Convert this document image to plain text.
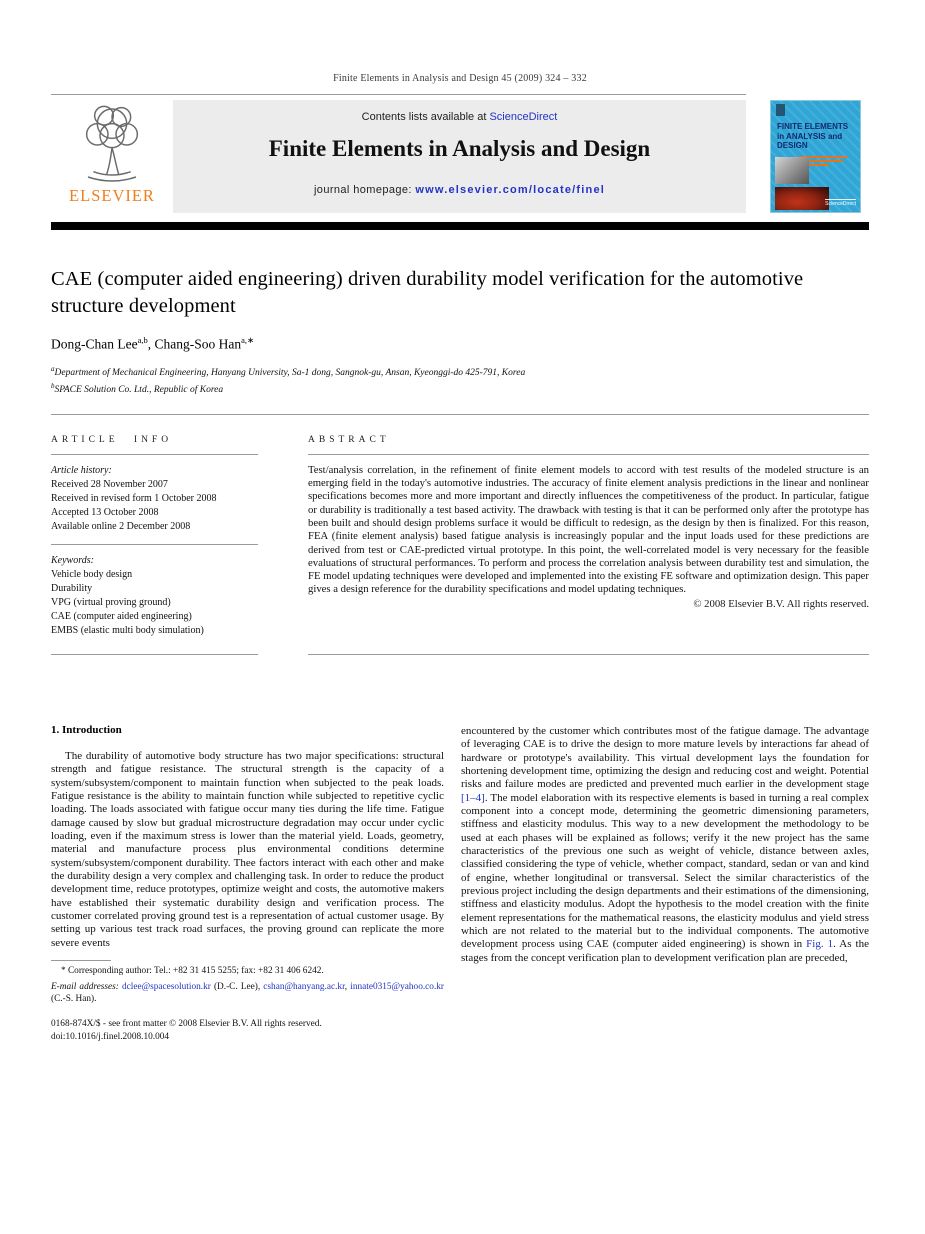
Finite Elements in Analysis and Design 45 (2009) 324 – 332
ELSEVIER
Contents lists available at ScienceDirect
Finite Elements in Analysis and Design
journal homepage: www.elsevier.com/locate/finel
FINITE ELEMENTS
in ANALYSIS and
DESIGN
ScienceDirect
CAE (computer aided engineering) driven durability model verification for the automotive structure development
Dong-Chan Lee$^{a,b}$, Chang-Soo Han$^{a,∗}$
$^a$Department of Mechanical Engineering, Hanyang University, Sa-1 dong, Sangnok-gu, Ansan, Kyeonggi-do 425-791, Korea
$^b$SPACE Solution Co. Ltd., Republic of Korea
ARTICLE INFO
Article history:
Received 28 November 2007
Received in revised form 1 October 2008
Accepted 13 October 2008
Available online 2 December 2008
Keywords:
Vehicle body design
Durability
VPG (virtual proving ground)
CAE (computer aided engineering)
EMBS (elastic multi body simulation)
ABSTRACT

Test/analysis correlation, in the refinement of finite element models to accord with test results of the modeled structure is an emerging field in the today's automotive industries. The accuracy of finite element analysis predictions in the linear and nonlinear specifications becomes more and more important and directly influences the competitiveness of the product. In particular, fatigue or durability is traditionally a test based activity. The drawback with testing is that it can be performed only after the prototype has been built and should design problems surface it would be difficult to redesign, as the design by then is finalized. For this reason, FEA (finite element analysis) based fatigue analysis is increasingly popular and the input loads used for these predictions are derived from test or CAE-predicted virtual prototype. In this point, the well-correlated model is very necessary for the feasible evaluations of structural performances. To perform and process the correlation analysis between durability test and simulation, the FE model updating techniques were developed and implemented into the existing FE software and optimization design. This paper gives a design reference for the durability specifications and model updating techniques.

© 2008 Elsevier B.V. All rights reserved.
1. Introduction

The durability of automotive body structure has two major specifications: structural strength and fatigue resistance. The structural strength is the capacity of a system/subsystem/component to maintain function when subjected to the peak loads. Fatigue resistance is the ability to maintain function while subjected to repetitive cyclic loading. The loads associated with fatigue occur many ties during the life time. Fatigue damage caused by slow but gradual microstructure degradation may occur under cyclic loading, even if the maximum stress is lower than the material yield. Loads, geometry, material and manufacture process plus environmental conditions determine system/subsystem/component durability. Thee factors interact with each other and make the durability design a very complex and challenging task. In order to reduce the product development time, reduce prototypes, optimize weight and costs, the automotive makers have established their systematic durability design and verification process. The customer correlated proving ground test is a representation of actual customer usage. By setting up various test track road surfaces, the proving ground can replicate the more severe events

* Corresponding author: Tel.: +82 31 415 5255; fax: +82 31 406 6242.
E-mail addresses: dclee@spacesolution.kr (D.-C. Lee), cshan@hanyang.ac.kr, innate0315@yahoo.co.kr (C.-S. Han).
0168-874X/$ - see front matter © 2008 Elsevier B.V. All rights reserved.
doi:10.1016/j.finel.2008.10.004

encountered by the customer which contributes most of the fatigue damage. The advantage of leveraging CAE is to drive the design to more mature levels by interactions far ahead of hardware or prototype's availability. This virtual development lays the foundation for shortening development time, optimizing the design and reducing cost and weight. Potential risks and failure modes are predicted and prevented much earlier in the development stage [1–4]. The model elaboration with its respective elements is based in turning a real complex component into a concept mode, determining the geometric dimensioning parameters, stiffness and elasticity modulus. This way to a new development the methodology to be used at each phases will be explained as follows; verify it the new project has the same characteristics of the previous one such as weight of vehicle, distance between axles, classified considering the type of vehicle, whether compact, standard, sedan or van and kind of engine, whether longitudinal or transversal. Select the similar characteristics of the previous project including the design departments and their estimations of the dimensioning, stiffness and elasticity modulus. Adopt the hypothesis to the model creation with the finite element representations for the mathematical reasons, the elasticity modulus and yield stress which are not related to the material but to the individual components. The automotive development process using CAE (computer aided engineering) is shown in Fig. 1. As the stages from the concept verification plan to development verification plan are preceded,
